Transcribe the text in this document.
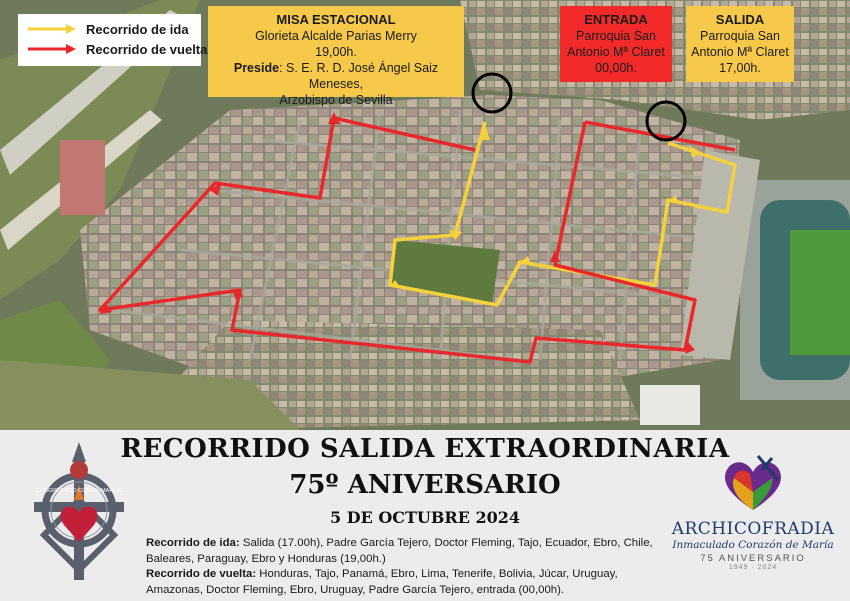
Recorrido de ida
Recorrido de vuelta
MISA ESTACIONAL
Glorieta Alcalde Parias Merry
19,00h.
Preside: S. E. R. D. José Ángel Saiz Meneses,
Arzobispo de Sevilla
ENTRADA
Parroquia San
Antonio Mª Claret
00,00h.
SALIDA
Parroquia San
Antonio Mª Claret
17,00h.
CONGREGATIO CORDIS MARIAE
RECORRIDO SALIDA EXTRAORDINARIA
75º ANIVERSARIO
5 DE OCTUBRE 2024
Recorrido de ida: Salida (17.00h), Padre García Tejero, Doctor Fleming, Tajo, Ecuador, Ebro, Chile, Baleares, Paraguay, Ebro y Honduras (19,00h.)
Recorrido de vuelta: Honduras, Tajo, Panamá, Ebro, Lima, Tenerife, Bolivia, Júcar, Uruguay, Amazonas, Doctor Fleming, Ebro, Uruguay, Padre García Tejero, entrada (00,00h).
ARCHICOFRADIA
Inmaculado Corazón de María
75 ANIVERSARIO
1949 · 2024
